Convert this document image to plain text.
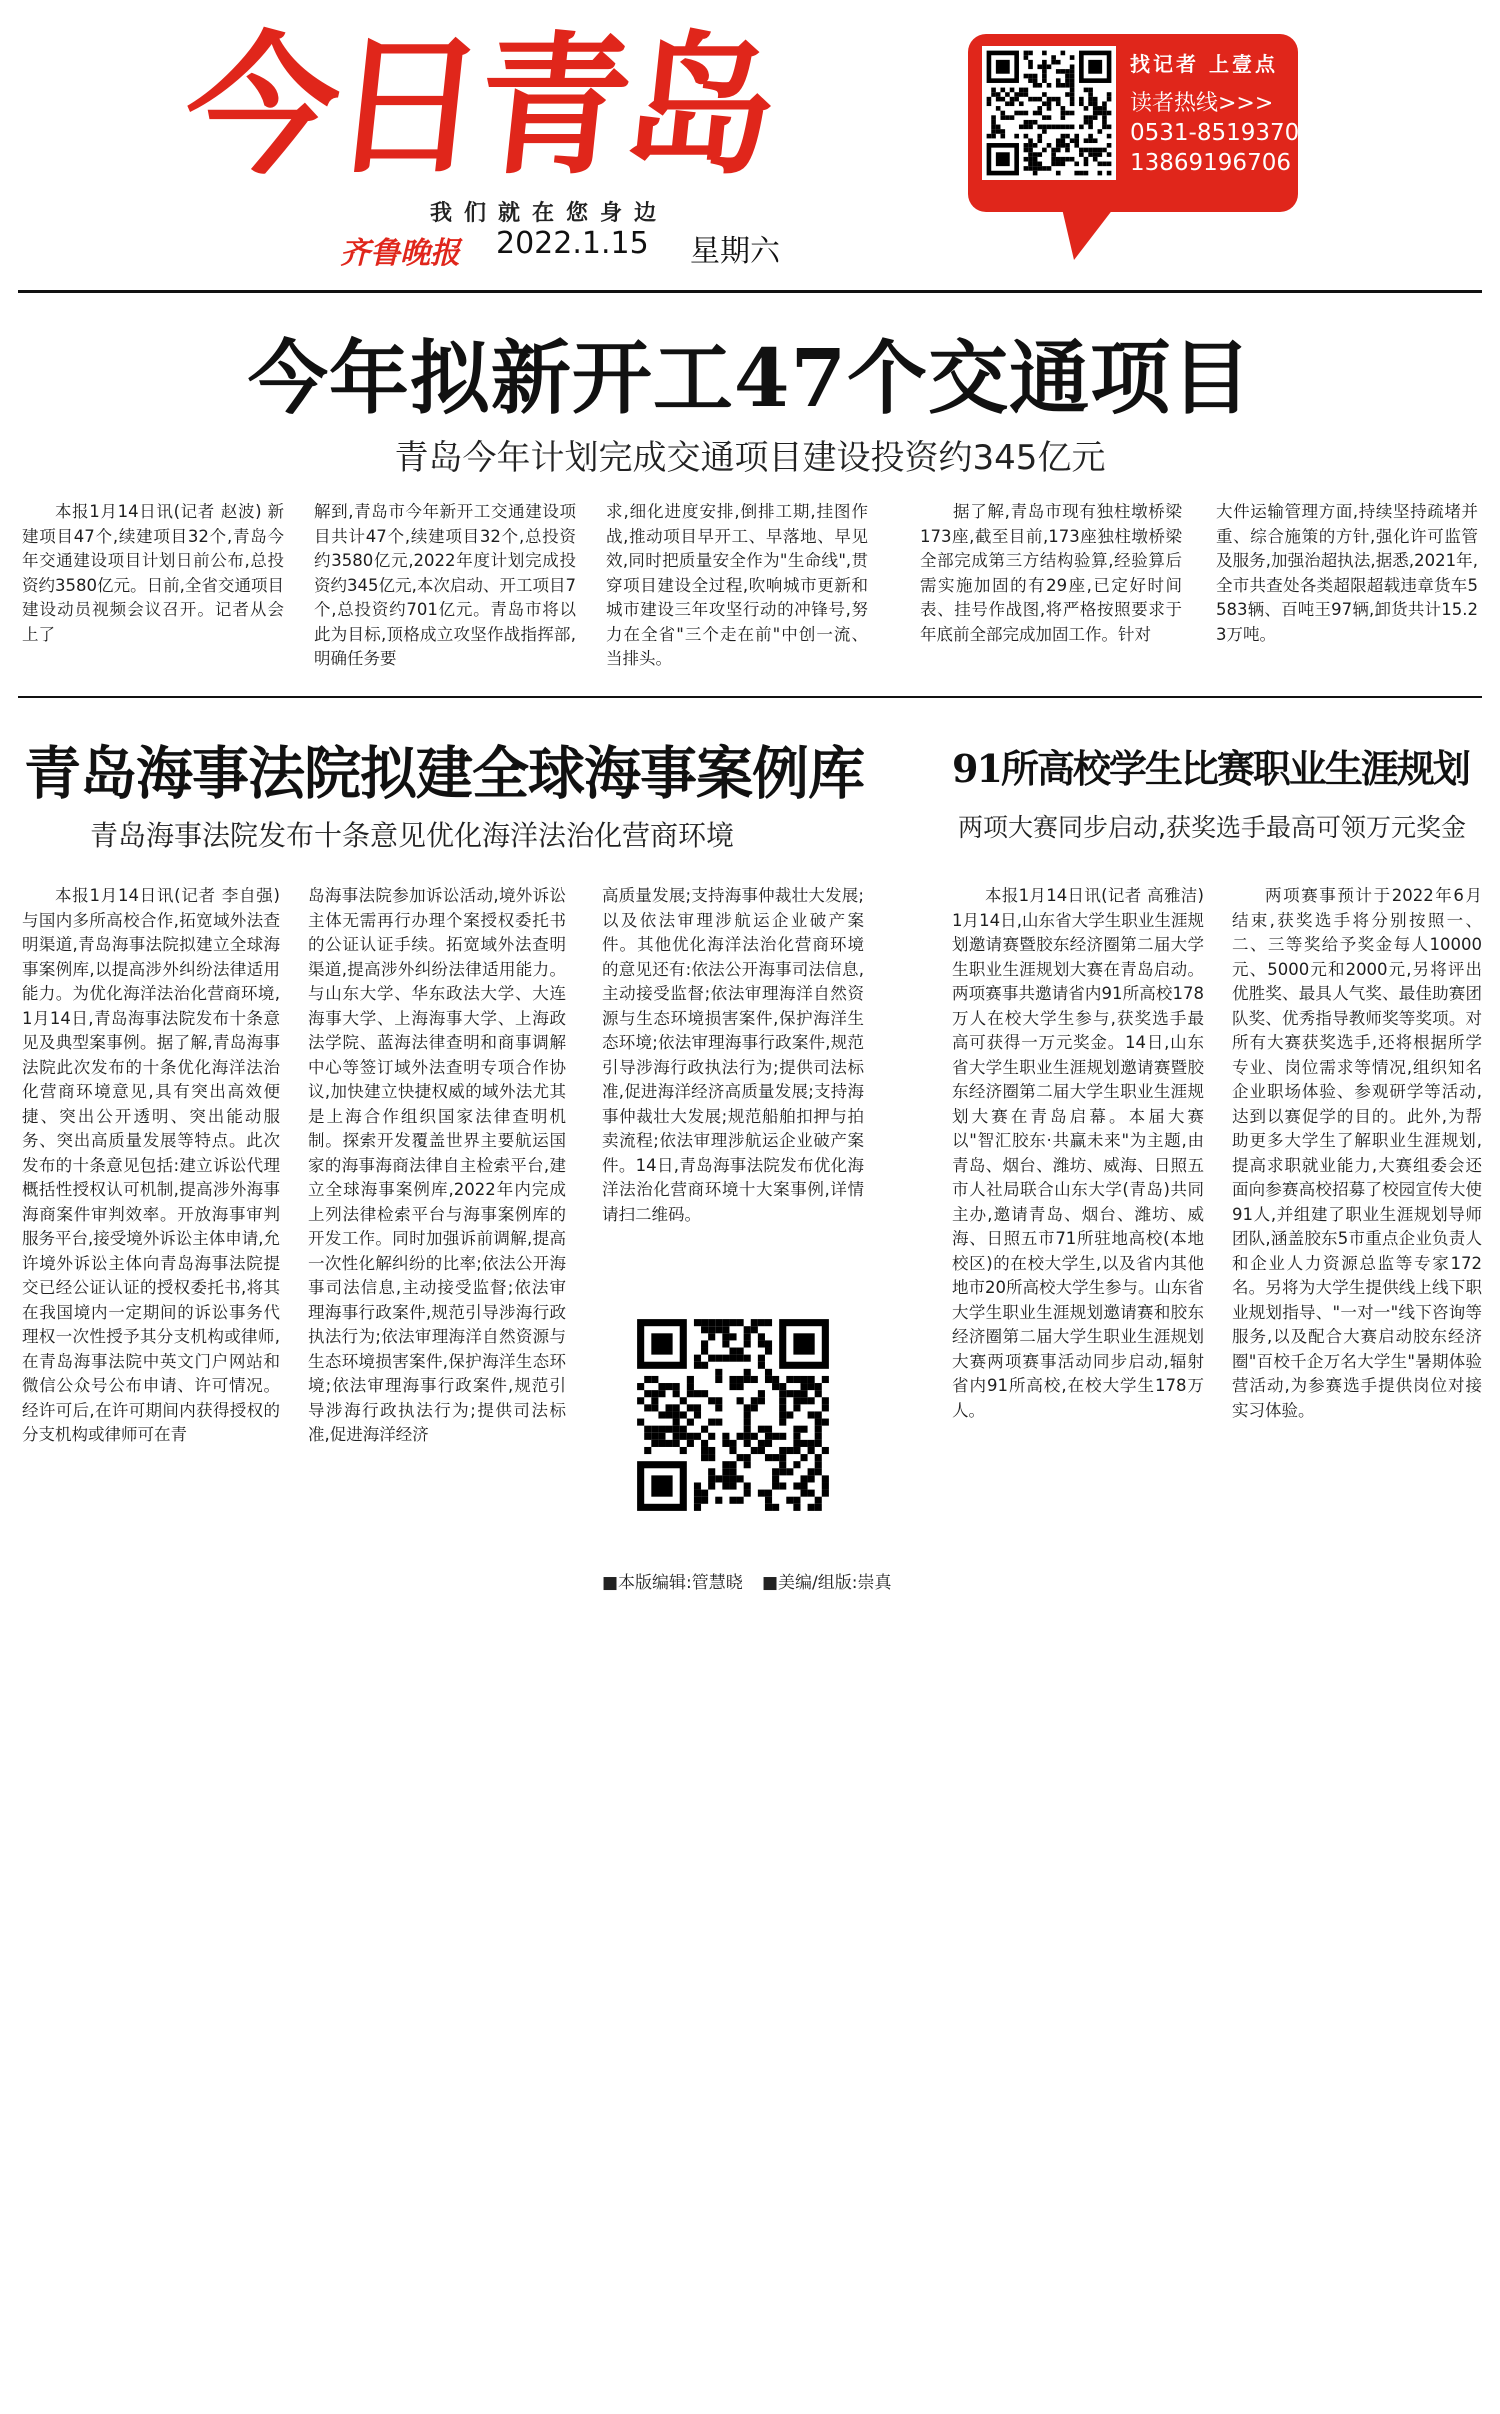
今日青岛
我们就在您身边
齐鲁晚报 2022.1.15 星期六
找记者 上壹点
读者热线>>>
0531-85193700
13869196706
今年拟新开工47个交通项目
青岛今年计划完成交通项目建设投资约345亿元

本报1月14日讯(记者 赵波) 新建项目47个,续建项目32个,青岛今年交通建设项目计划日前公布,总投资约3580亿元。日前,全省交通项目建设动员视频会议召开。记者从会上了

解到,青岛市今年新开工交通建设项目共计47个,续建项目32个,总投资约3580亿元,2022年度计划完成投资约345亿元,本次启动、开工项目7个,总投资约701亿元。青岛市将以此为目标,顶格成立攻坚作战指挥部,明确任务要

求,细化进度安排,倒排工期,挂图作战,推动项目早开工、早落地、早见效,同时把质量安全作为"生命线",贯穿项目建设全过程,吹响城市更新和城市建设三年攻坚行动的冲锋号,努力在全省"三个走在前"中创一流、当排头。

据了解,青岛市现有独柱墩桥梁173座,截至目前,173座独柱墩桥梁全部完成第三方结构验算,经验算后需实施加固的有29座,已定好时间表、挂号作战图,将严格按照要求于年底前全部完成加固工作。针对

大件运输管理方面,持续坚持疏堵并重、综合施策的方针,强化许可监管及服务,加强治超执法,据悉,2021年,全市共查处各类超限超载违章货车5583辆、百吨王97辆,卸货共计15.23万吨。

青岛海事法院拟建全球海事案例库
青岛海事法院发布十条意见优化海洋法治化营商环境

本报1月14日讯(记者 李自强) 与国内多所高校合作,拓宽域外法查明渠道,青岛海事法院拟建立全球海事案例库,以提高涉外纠纷法律适用能力。为优化海洋法治化营商环境,1月14日,青岛海事法院发布十条意见及典型案事例。据了解,青岛海事法院此次发布的十条优化海洋法治化营商环境意见,具有突出高效便捷、突出公开透明、突出能动服务、突出高质量发展等特点。此次发布的十条意见包括:建立诉讼代理概括性授权认可机制,提高涉外海事海商案件审判效率。开放海事审判服务平台,接受境外诉讼主体申请,允许境外诉讼主体向青岛海事法院提交已经公证认证的授权委托书,将其在我国境内一定期间的诉讼事务代理权一次性授予其分支机构或律师,在青岛海事法院中英文门户网站和微信公众号公布申请、许可情况。经许可后,在许可期间内获得授权的分支机构或律师可在青

岛海事法院参加诉讼活动,境外诉讼主体无需再行办理个案授权委托书的公证认证手续。拓宽域外法查明渠道,提高涉外纠纷法律适用能力。与山东大学、华东政法大学、大连海事大学、上海海事大学、上海政法学院、蓝海法律查明和商事调解中心等签订域外法查明专项合作协议,加快建立快捷权威的域外法尤其是上海合作组织国家法律查明机制。探索开发覆盖世界主要航运国家的海事海商法律自主检索平台,建立全球海事案例库,2022年内完成上列法律检索平台与海事案例库的开发工作。同时加强诉前调解,提高一次性化解纠纷的比率;依法公开海事司法信息,主动接受监督;依法审理海事行政案件,规范引导涉海行政执法行为;依法审理海洋自然资源与生态环境损害案件,保护海洋生态环境;依法审理海事行政案件,规范引导涉海行政执法行为;提供司法标准,促进海洋经济

高质量发展;支持海事仲裁壮大发展;以及依法审理涉航运企业破产案件。其他优化海洋法治化营商环境的意见还有:依法公开海事司法信息,主动接受监督;依法审理海洋自然资源与生态环境损害案件,保护海洋生态环境;依法审理海事行政案件,规范引导涉海行政执法行为;提供司法标准,促进海洋经济高质量发展;支持海事仲裁壮大发展;规范船舶扣押与拍卖流程;依法审理涉航运企业破产案件。14日,青岛海事法院发布优化海洋法治化营商环境十大案事例,详情请扫二维码。

91所高校学生比赛职业生涯规划
两项大赛同步启动,获奖选手最高可领万元奖金

本报1月14日讯(记者 高雅洁) 1月14日,山东省大学生职业生涯规划邀请赛暨胶东经济圈第二届大学生职业生涯规划大赛在青岛启动。两项赛事共邀请省内91所高校178万人在校大学生参与,获奖选手最高可获得一万元奖金。14日,山东省大学生职业生涯规划邀请赛暨胶东经济圈第二届大学生职业生涯规划大赛在青岛启幕。本届大赛以"智汇胶东·共赢未来"为主题,由青岛、烟台、潍坊、威海、日照五市人社局联合山东大学(青岛)共同主办,邀请青岛、烟台、潍坊、威海、日照五市71所驻地高校(本地校区)的在校大学生,以及省内其他地市20所高校大学生参与。山东省大学生职业生涯规划邀请赛和胶东经济圈第二届大学生职业生涯规划大赛两项赛事活动同步启动,辐射省内91所高校,在校大学生178万人。

两项赛事预计于2022年6月结束,获奖选手将分别按照一、二、三等奖给予奖金每人10000元、5000元和2000元,另将评出优胜奖、最具人气奖、最佳助赛团队奖、优秀指导教师奖等奖项。对所有大赛获奖选手,还将根据所学专业、岗位需求等情况,组织知名企业职场体验、参观研学等活动,达到以赛促学的目的。此外,为帮助更多大学生了解职业生涯规划,提高求职就业能力,大赛组委会还面向参赛高校招募了校园宣传大使91人,并组建了职业生涯规划导师团队,涵盖胶东5市重点企业负责人和企业人力资源总监等专家172名。另将为大学生提供线上线下职业规划指导、"一对一"线下咨询等服务,以及配合大赛启动胶东经济圈"百校千企万名大学生"暑期体验营活动,为参赛选手提供岗位对接实习体验。

■本版编辑:管慧晓 ■美编/组版:崇真
